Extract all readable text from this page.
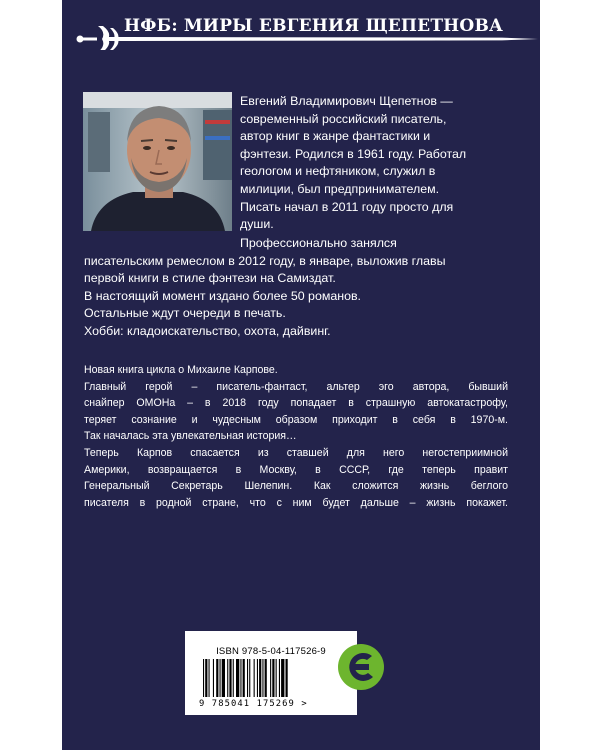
НФБ: МИРЫ ЕВГЕНИЯ ЩЕПЕТНОВА
Евгений Владимирович Щепетнов —
современный российский писатель,
автор книг в жанре фантастики и
фэнтези. Родился в 1961 году. Работал
геологом и нефтяником, служил в
милиции, был предпринимателем.
Писать начал в 2011 году просто для
души.
Профессионально занялся
писательским ремеслом в 2012 году, в январе, выложив главы
первой книги в стиле фэнтези на Самиздат.
В настоящий момент издано более 50 романов.
Остальные ждут очереди в печать.
Хобби: кладоискательство, охота, дайвинг.
Новая книга цикла о Михаиле Карпове.
Главный герой – писатель-фантаст, альтер эго автора, бывший
снайпер ОМОНа – в 2018 году попадает в страшную автокатастрофу,
теряет сознание и чудесным образом приходит в себя в 1970-м.
Так началась эта увлекательная история…
Теперь Карпов спасается из ставшей для него негостеприимной
Америки, возвращается в Москву, в СССР, где теперь правит
Генеральный Секретарь Шелепин. Как сложится жизнь беглого
писателя в родной стране, что с ним будет дальше – жизнь покажет.
ISBN 978-5-04-117526-9
9 785041 175269 >
